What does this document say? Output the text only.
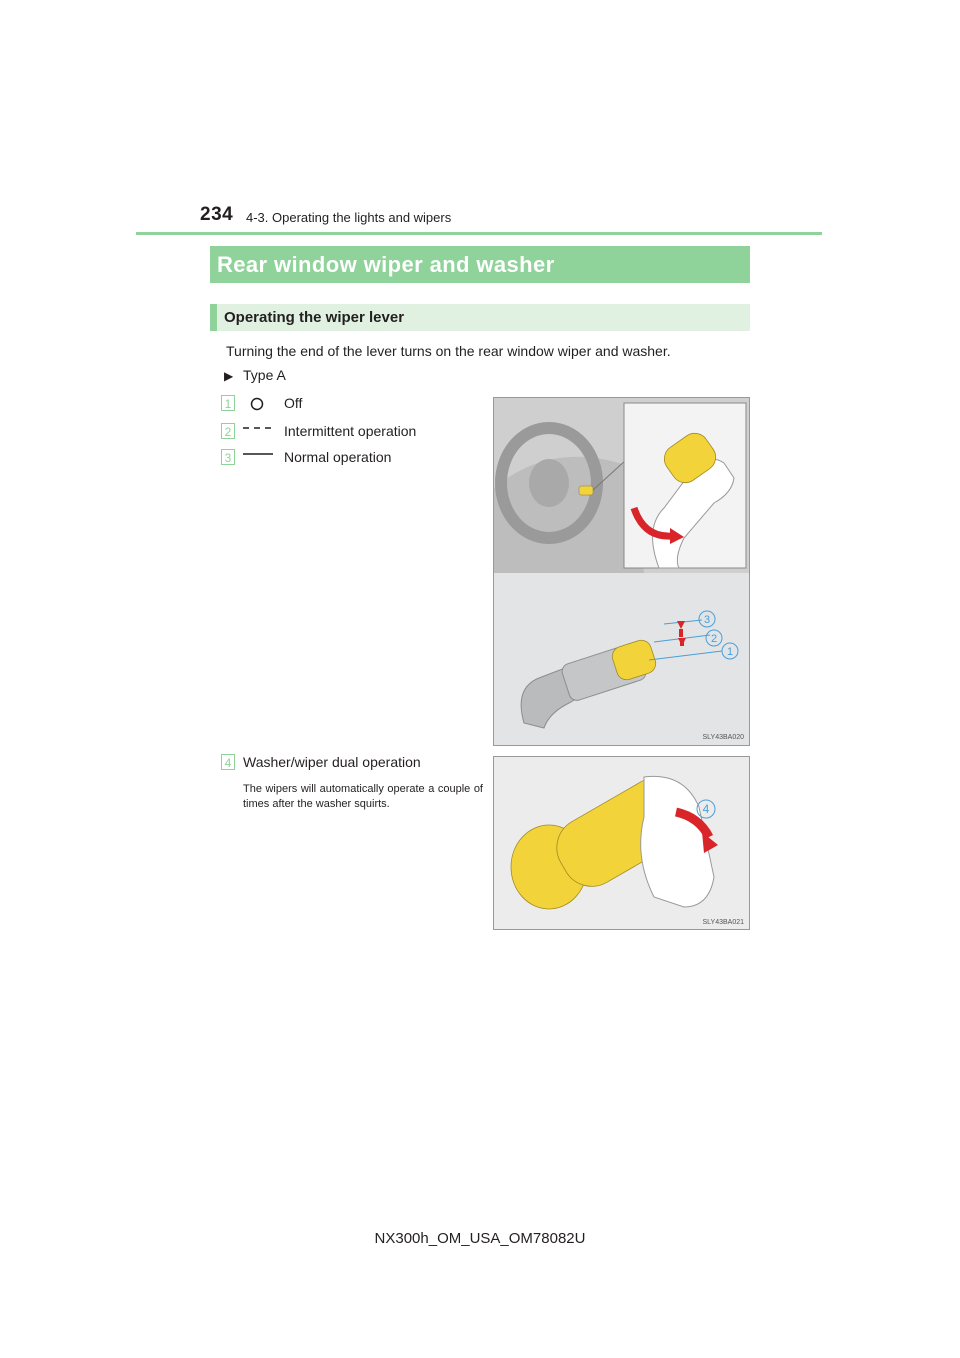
234 4-3. Operating the lights and wipers
Rear window wiper and washer
Operating the wiper lever
Turning the end of the lever turns on the rear window wiper and washer.
▶ Type A
1	Off
2	Intermittent operation
3	Normal operation
3
2
1
SLY43BA020
4 Washer/wiper dual operation
The wipers will automatically operate a couple of times after the washer squirts.	4
SLY43BA021
NX300h_OM_USA_OM78082U
